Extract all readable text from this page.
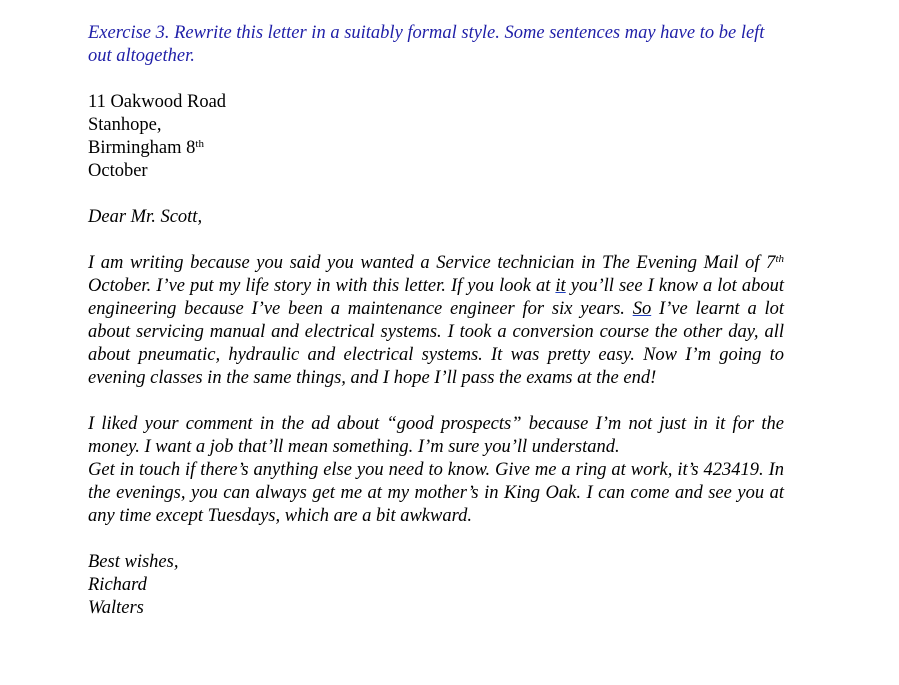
Exercise 3. Rewrite this letter in a suitably formal style. Some sentences may have to be left out altogether.

11 Oakwood Road
Stanhope,
Birmingham 8th
October
Dear Mr. Scott,
I am writing because you said you wanted a Service technician in The Evening Mail of 7th October. I’ve put my life story in with this letter. If you look at it you’ll see I know a lot about engineering because I’ve been a maintenance engineer for six years. So I’ve learnt a lot about servicing manual and electrical systems. I took a conversion course the other day, all about pneumatic, hydraulic and electrical systems. It was pretty easy. Now I’m going to evening classes in the same things, and I hope I’ll pass the exams at the end!
I liked your comment in the ad about “good prospects” because I’m not just in it for the money. I want a job that’ll mean something. I’m sure you’ll understand.
Get in touch if there’s anything else you need to know. Give me a ring at work, it’s 423419. In the evenings, you can always get me at my mother’s in King Oak. I can come and see you at any time except Tuesdays, which are a bit awkward.
Best wishes,
Richard
Walters
